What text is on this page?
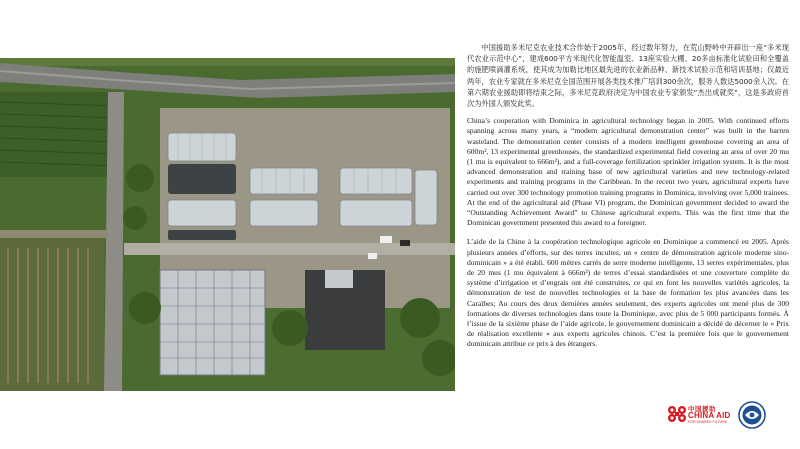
中国援助多米尼克农业技术合作始于2005年，经过数年努力，在荒山野岭中开辟出一座“多米现代农业示范中心”，建成600平方米现代化智能温室、13座实验大棚、20多亩标准化试验田和全覆盖的施肥喷滴灌系统，使其成为加勒比地区最先进的农业新品种、新技术试验示范和培训基地；仅最近两年，农业专家就在多米尼克全国范围开展各类技术推广培训300余次，服务人数达5000余人次。在第六期农业援助即将结束之际，多米尼克政府决定为中国农业专家颁发“杰出成就奖”，这是多政府首次为外国人颁发此奖。

China’s cooperation with Dominica in agricultural technology began in 2005. With continued efforts spanning across many years, a “modern agricultural demonstration center” was built in the barren wasteland. The demonstration center consists of a modern intelligent greenhouse covering an area of 600m², 13 experimental greenhouses, the standardized experimental field covering an area of over 20 mu (1 mu is equivalent to 666m²), and a full-coverage fertilization sprinkler irrigation system. It is the most advanced demonstration and training base of new agricultural varieties and new technology-related experiments and training programs in the Caribbean. In the recent two years, agricultural experts have carried out over 300 technology promotion training programs in Dominica, involving over 5,000 trainees. At the end of the agricultural aid (Phase VI) program, the Dominican government decided to award the “Outstanding Achievement Award” to Chinese agricultural experts. This was the first time that the Dominican government presented this award to a foreigner.

L’aide de la Chine à la coopération technologique agricole en Dominique a commencé en 2005. Après plusieurs années d’efforts, sur des terres incultes, un « centre de démonstration agricole moderne sino-dominicain » a été établi. 600 mètres carrés de serre moderne intelligente, 13 serres expérimentales, plus de 20 mus (1 mu équivalent à 666m²) de terres d’essai standardisées et une couverture complète du système d’irrigation et d’engrais ont été construites, ce qui en font les nouvelles variétés agricoles, la démonstration de test de nouvelles technologies et la base de formation les plus avancées dans les Caraïbes; Au cours des deux dernières années seulement, des experts agricoles ont mené plus de 300 formations de diverses technologies dans toute la Dominique, avec plus de 5 000 participants formés. À l’issue de la sixième phase de l’aide agricole, le gouvernement dominicain a décidé de décerner le « Prix de réalisation excellente » aux experts agricoles chinois. C’est la première fois que le gouvernement dominicain attribue ce prix à des étrangers.

中国援助
CHINA AID
FOR SHARED FUTURE
